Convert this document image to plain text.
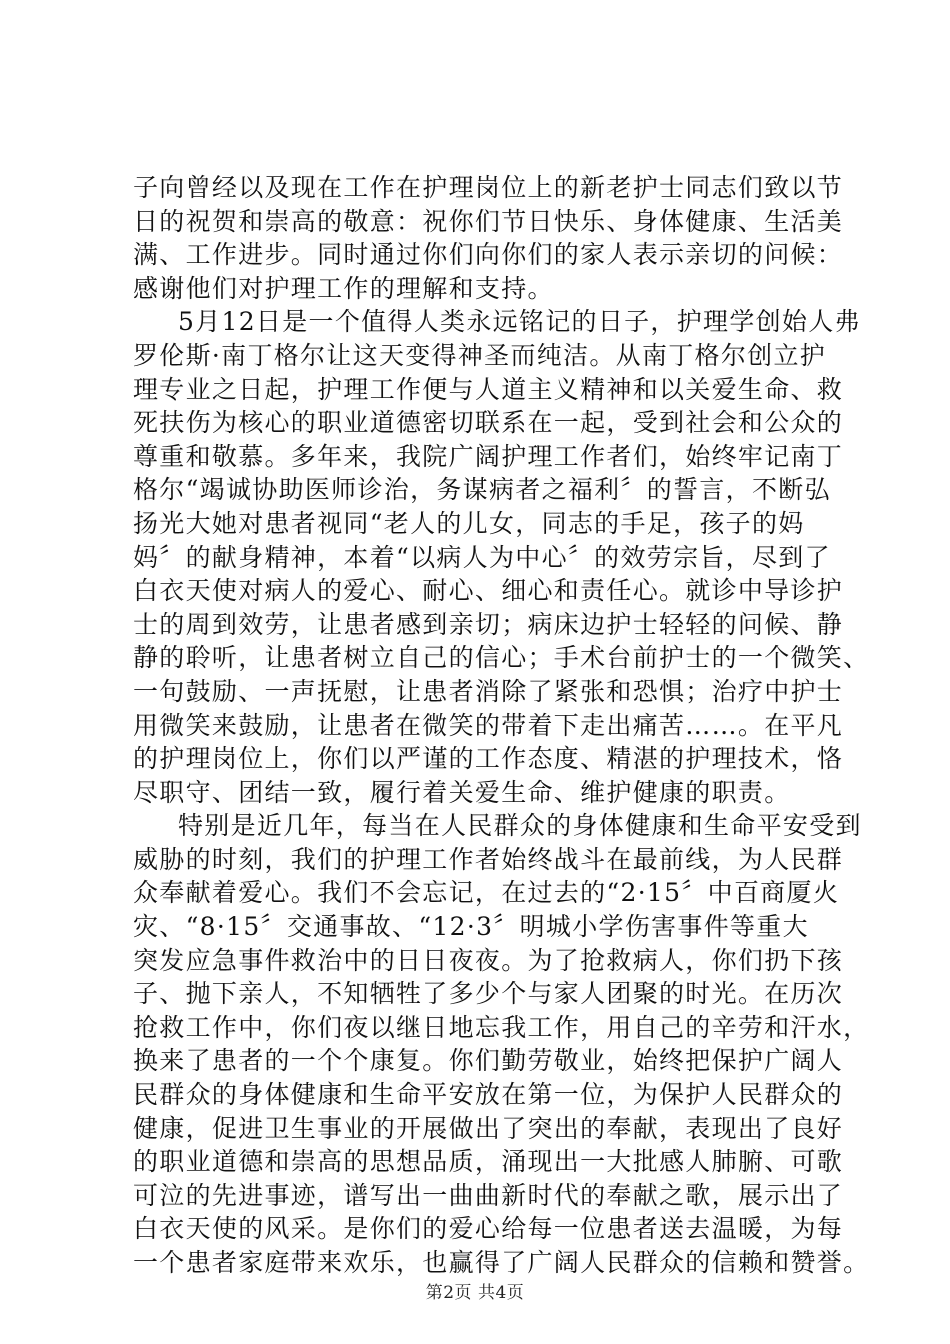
子向曾经以及现在工作在护理岗位上的新老护士同志们致以节
日的祝贺和崇高的敬意：祝你们节日快乐、身体健康、生活美
满、工作进步。同时通过你们向你们的家人表示亲切的问候：
感谢他们对护理工作的理解和支持。
5月12日是一个值得人类永远铭记的日子，护理学创始人弗
罗伦斯·南丁格尔让这天变得神圣而纯洁。从南丁格尔创立护
理专业之日起，护理工作便与人道主义精神和以关爱生命、救
死扶伤为核心的职业道德密切联系在一起，受到社会和公众的
尊重和敬慕。多年来，我院广阔护理工作者们，始终牢记南丁
格尔“竭诚协助医师诊治，务谋病者之福利〞的誓言，不断弘
扬光大她对患者视同“老人的儿女，同志的手足，孩子的妈
妈〞的献身精神，本着“以病人为中心〞的效劳宗旨，尽到了
白衣天使对病人的爱心、耐心、细心和责任心。就诊中导诊护
士的周到效劳，让患者感到亲切；病床边护士轻轻的问候、静
静的聆听，让患者树立自己的信心；手术台前护士的一个微笑、
一句鼓励、一声抚慰，让患者消除了紧张和恐惧；治疗中护士
用微笑来鼓励，让患者在微笑的带着下走出痛苦……。在平凡
的护理岗位上，你们以严谨的工作态度、精湛的护理技术，恪
尽职守、团结一致，履行着关爱生命、维护健康的职责。
特别是近几年，每当在人民群众的身体健康和生命平安受到
威胁的时刻，我们的护理工作者始终战斗在最前线，为人民群
众奉献着爱心。我们不会忘记，在过去的“2·15〞中百商厦火
灾、“8·15〞交通事故、“12·3〞明城小学伤害事件等重大
突发应急事件救治中的日日夜夜。为了抢救病人，你们扔下孩
子、抛下亲人，不知牺牲了多少个与家人团聚的时光。在历次
抢救工作中，你们夜以继日地忘我工作，用自己的辛劳和汗水，
换来了患者的一个个康复。你们勤劳敬业，始终把保护广阔人
民群众的身体健康和生命平安放在第一位，为保护人民群众的
健康，促进卫生事业的开展做出了突出的奉献，表现出了良好
的职业道德和崇高的思想品质，涌现出一大批感人肺腑、可歌
可泣的先进事迹，谱写出一曲曲新时代的奉献之歌，展示出了
白衣天使的风采。是你们的爱心给每一位患者送去温暖，为每
一个患者家庭带来欢乐，也赢得了广阔人民群众的信赖和赞誉。
第2页 共4页
